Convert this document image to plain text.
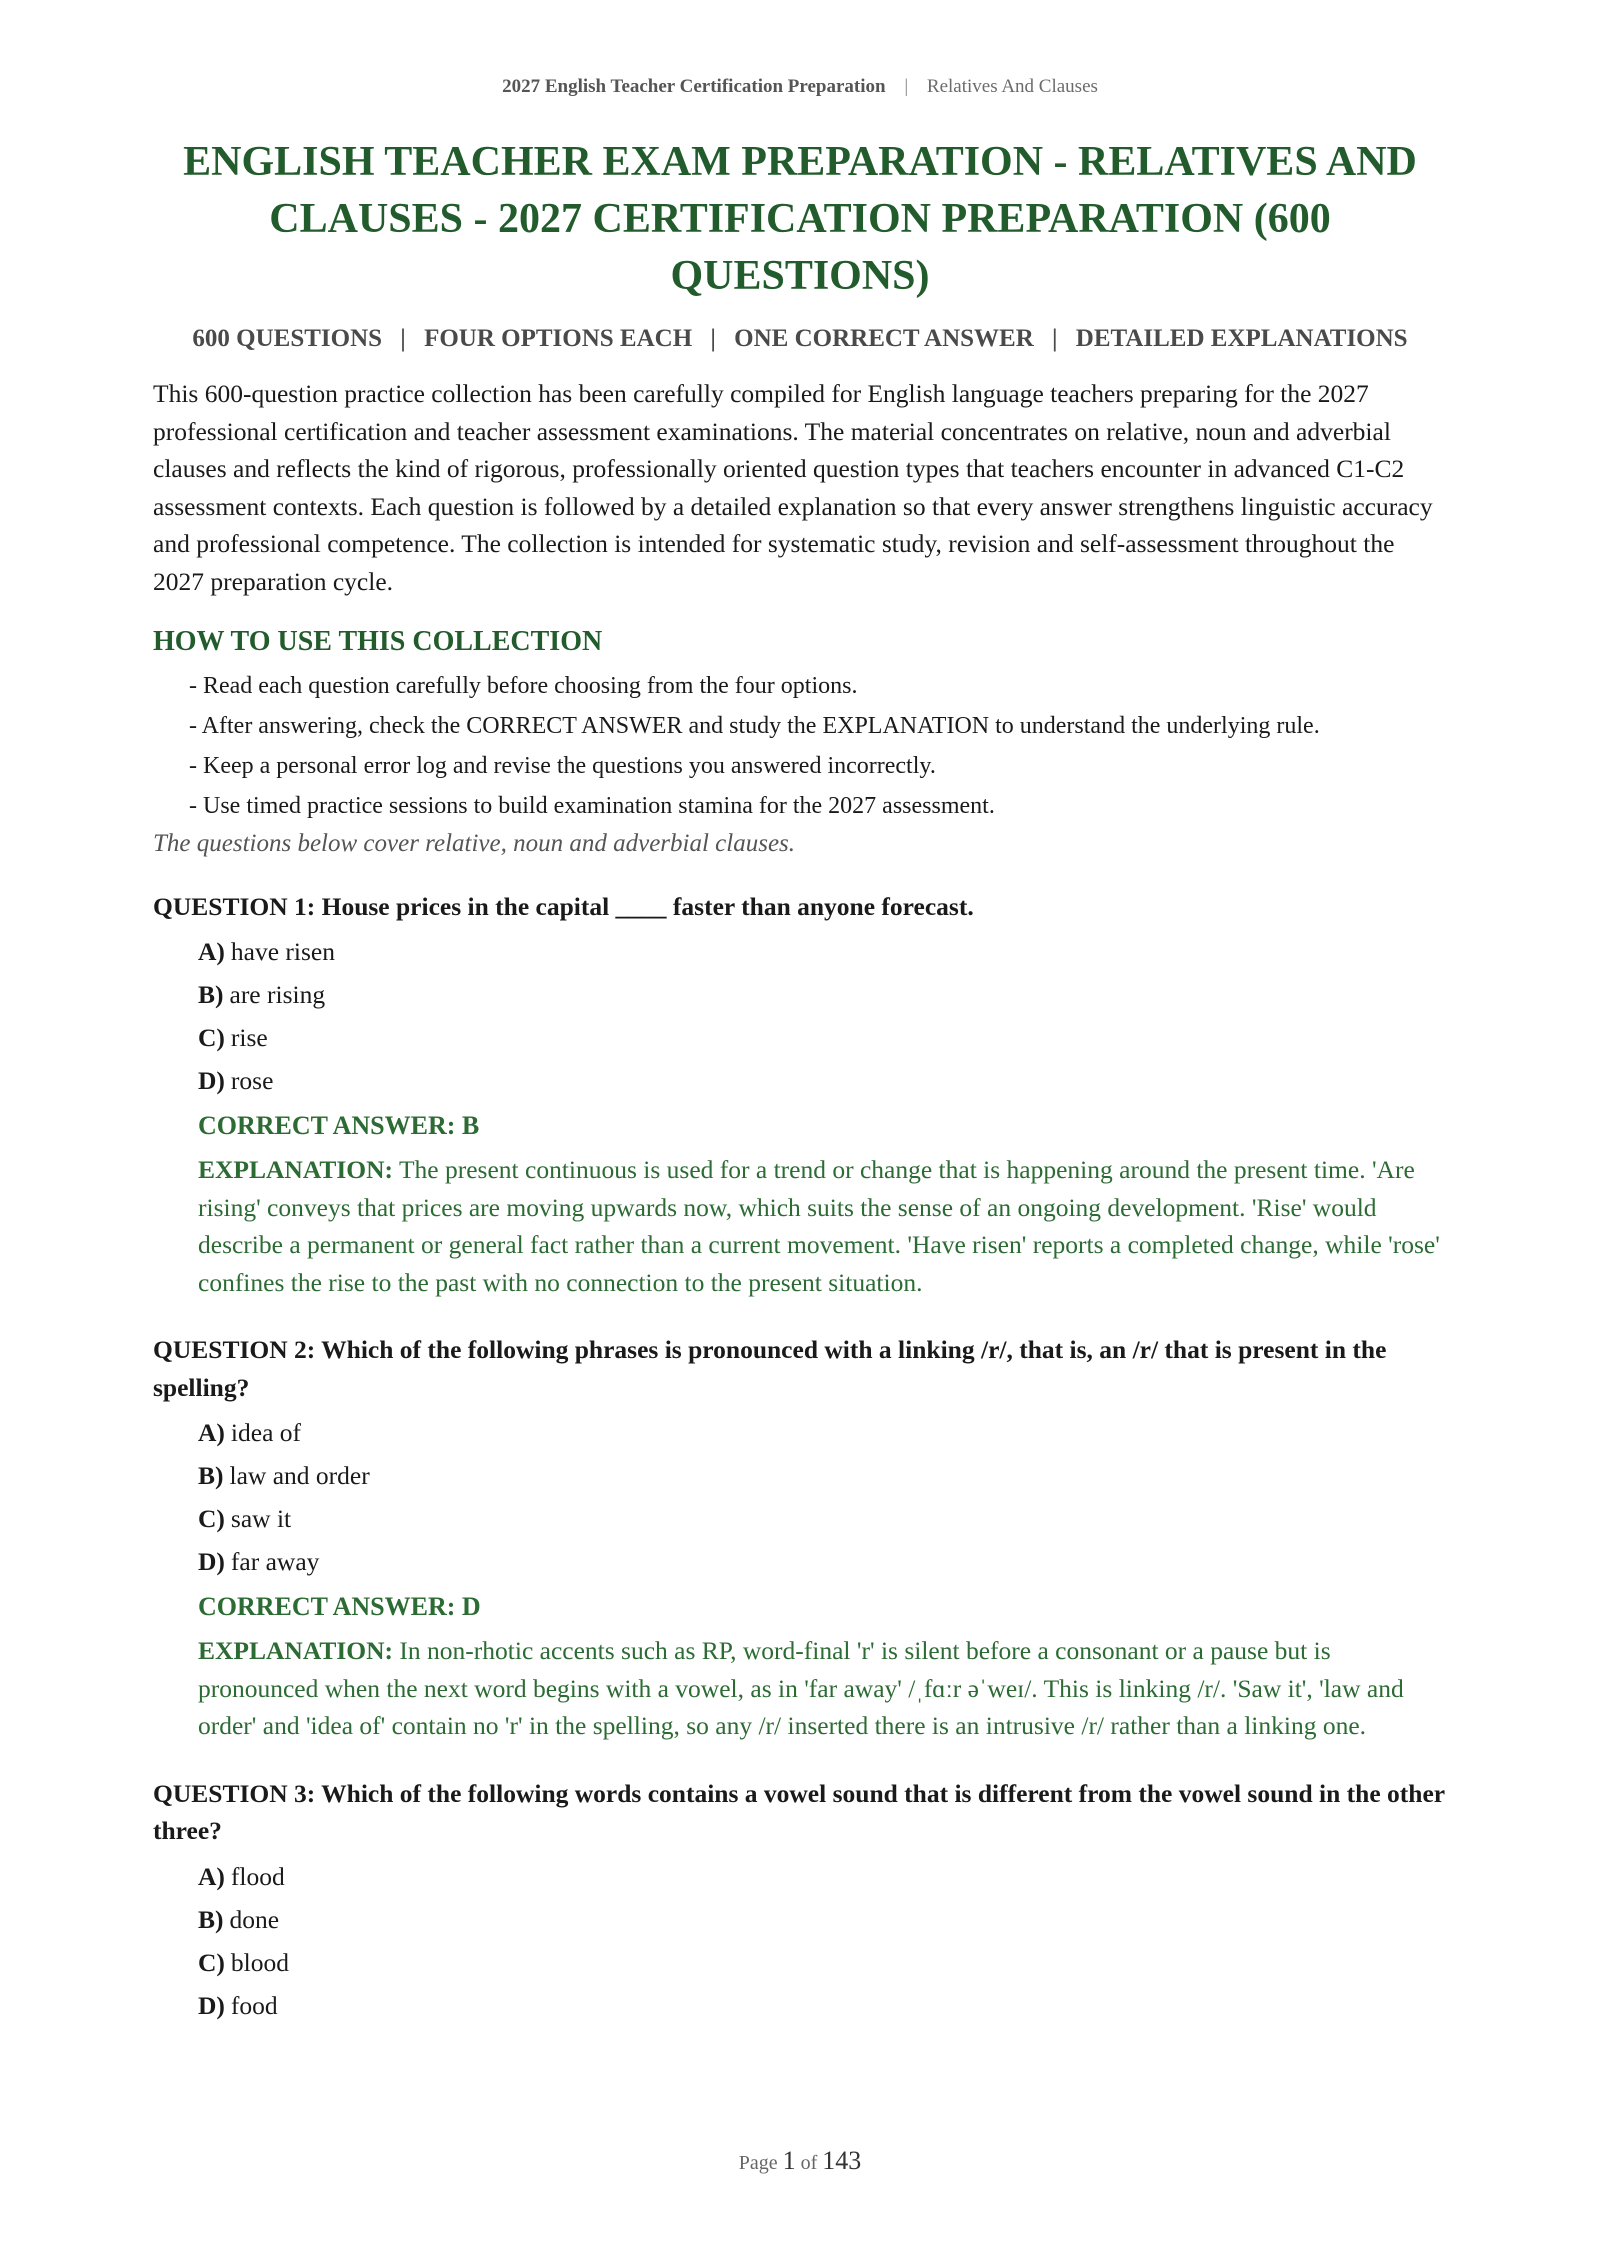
2027 English Teacher Certification Preparation | Relatives And Clauses
ENGLISH TEACHER EXAM PREPARATION - RELATIVES AND CLAUSES - 2027 CERTIFICATION PREPARATION (600 QUESTIONS)
600 QUESTIONS | FOUR OPTIONS EACH | ONE CORRECT ANSWER | DETAILED EXPLANATIONS

This 600-question practice collection has been carefully compiled for English language teachers preparing for the 2027 professional certification and teacher assessment examinations. The material concentrates on relative, noun and adverbial clauses and reflects the kind of rigorous, professionally oriented question types that teachers encounter in advanced C1-C2 assessment contexts. Each question is followed by a detailed explanation so that every answer strengthens linguistic accuracy and professional competence. The collection is intended for systematic study, revision and self-assessment throughout the 2027 preparation cycle.

HOW TO USE THIS COLLECTION
- Read each question carefully before choosing from the four options.
- After answering, check the CORRECT ANSWER and study the EXPLANATION to understand the underlying rule.
- Keep a personal error log and revise the questions you answered incorrectly.
- Use timed practice sessions to build examination stamina for the 2027 assessment.
The questions below cover relative, noun and adverbial clauses.
QUESTION 1: House prices in the capital ____ faster than anyone forecast.
A) have risen
B) are rising
C) rise
D) rose
CORRECT ANSWER: B
EXPLANATION: The present continuous is used for a trend or change that is happening around the present time. 'Are rising' conveys that prices are moving upwards now, which suits the sense of an ongoing development. 'Rise' would describe a permanent or general fact rather than a current movement. 'Have risen' reports a completed change, while 'rose' confines the rise to the past with no connection to the present situation.
QUESTION 2: Which of the following phrases is pronounced with a linking /r/, that is, an /r/ that is present in the spelling?
A) idea of
B) law and order
C) saw it
D) far away
CORRECT ANSWER: D
EXPLANATION: In non-rhotic accents such as RP, word-final 'r' is silent before a consonant or a pause but is pronounced when the next word begins with a vowel, as in 'far away' /ˌfɑːr əˈweɪ/. This is linking /r/. 'Saw it', 'law and order' and 'idea of' contain no 'r' in the spelling, so any /r/ inserted there is an intrusive /r/ rather than a linking one.
QUESTION 3: Which of the following words contains a vowel sound that is different from the vowel sound in the other three?
A) flood
B) done
C) blood
D) food
Page 1 of 143
